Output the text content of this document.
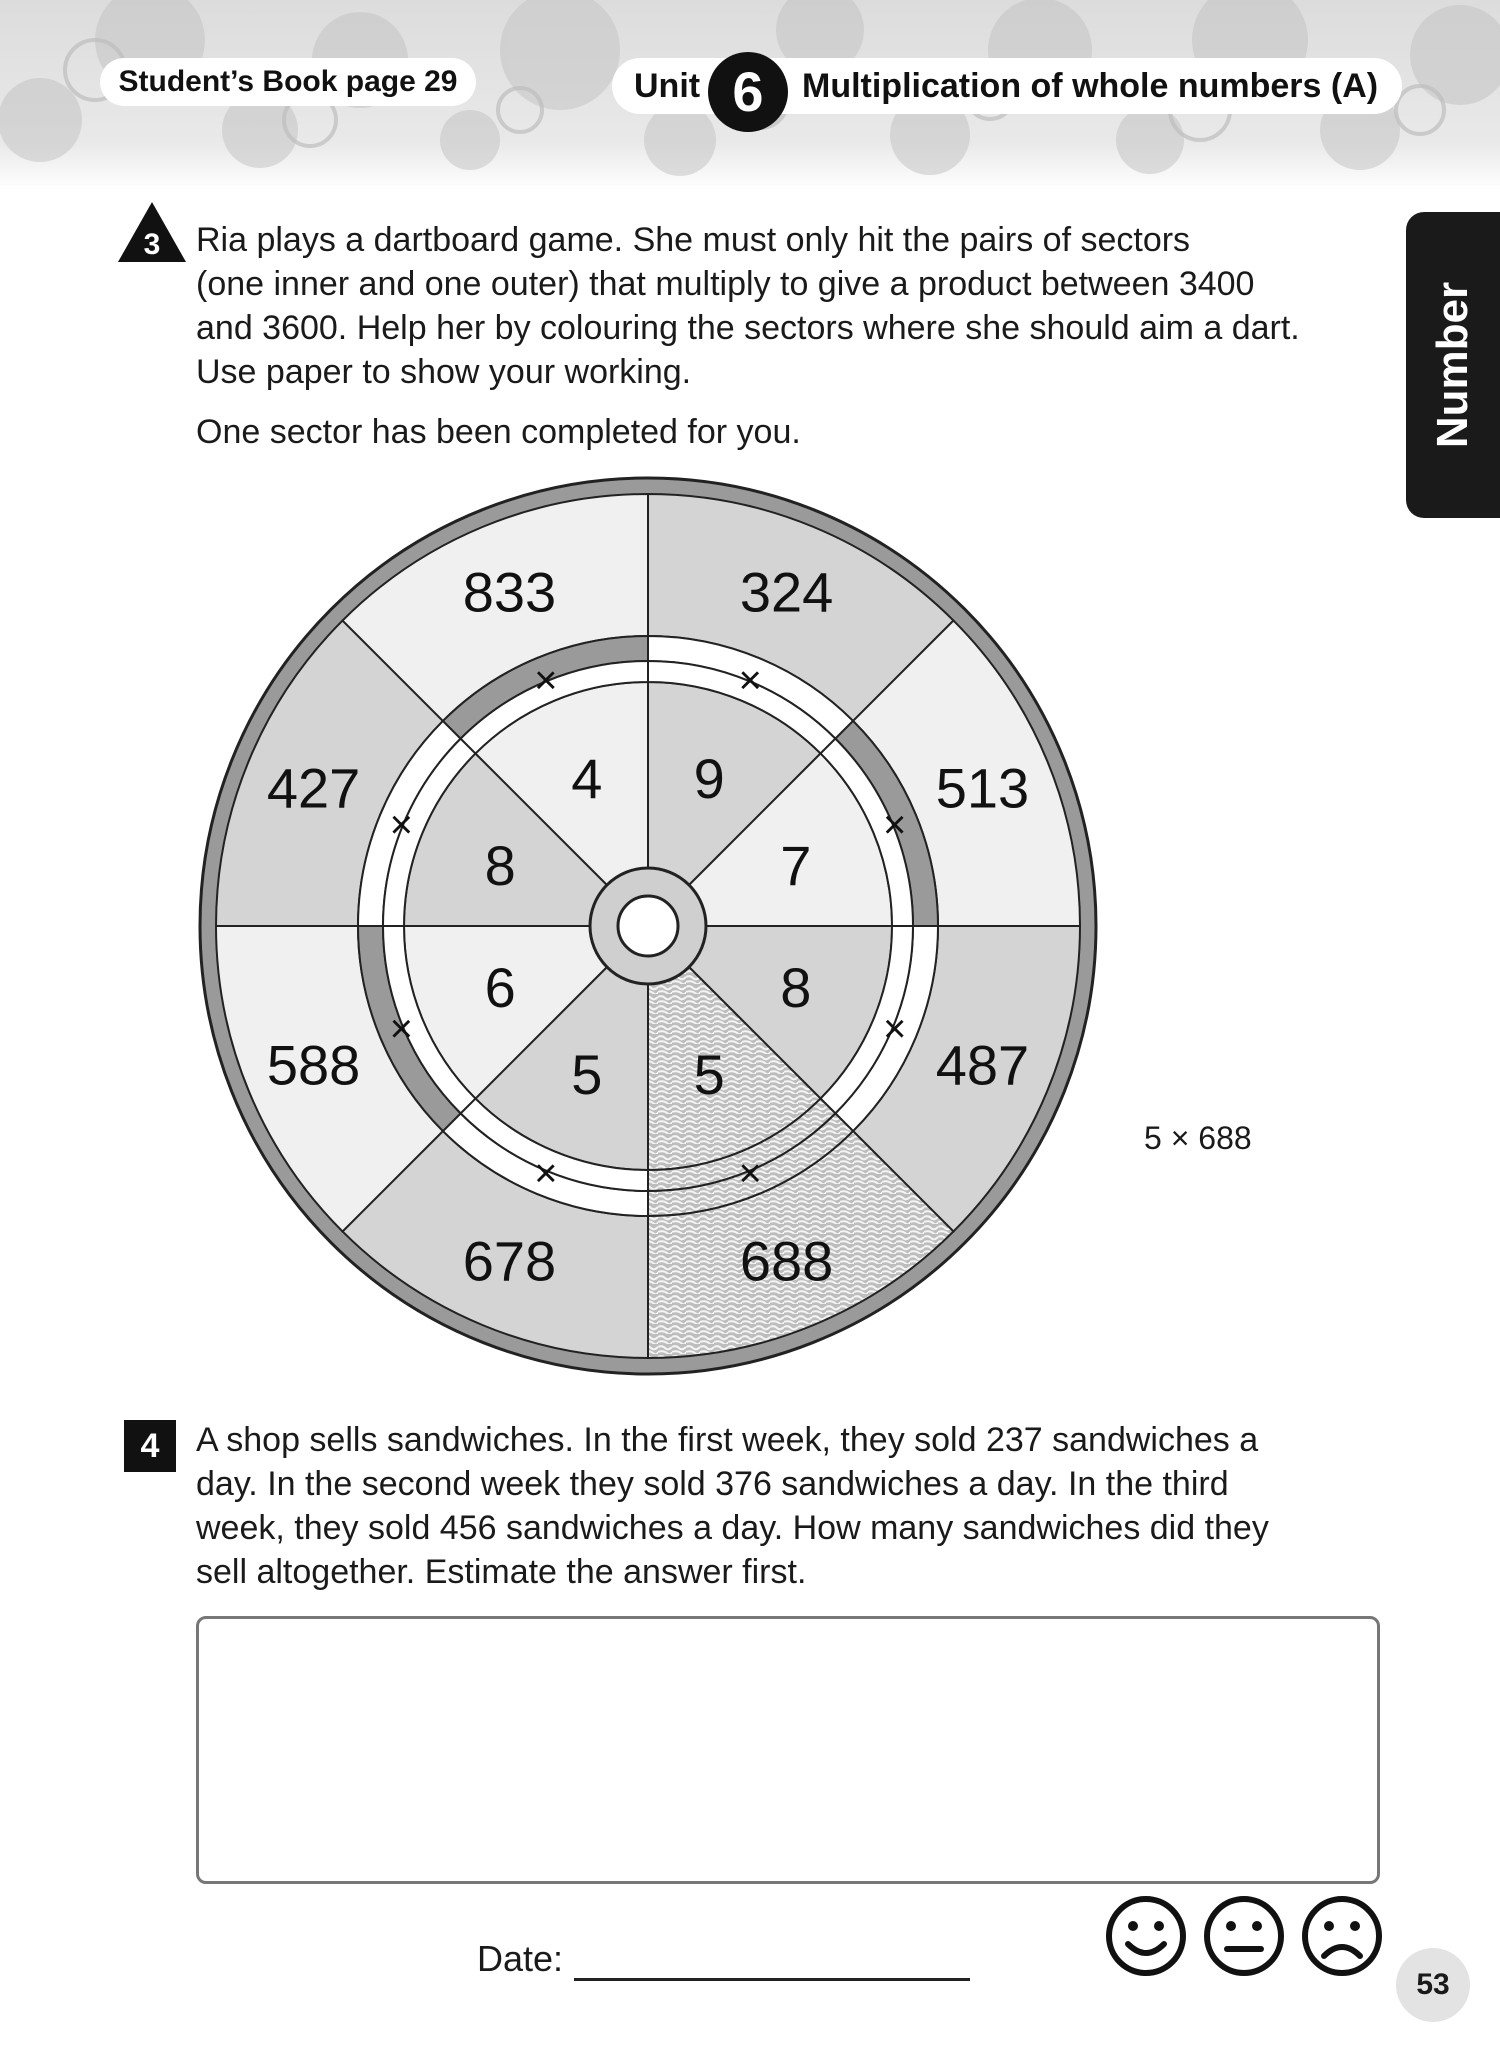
Student’s Book page 29	Unit	Multiplication of whole numbers (A)
6
Number
3 Ria plays a dartboard game. She must only hit the pairs of sectors
(one inner and one outer) that multiply to give a product between 3400
and 3600. Help her by colouring the sectors where she should aim a dart.
Use paper to show your working.
One sector has been completed for you.
324
9
×
513
7
×
487
8
×
688
5
×
678
5
×
588
6
×
427
8
×
833
4
×
5 × 688
4	A shop sells sandwiches. In the first week, they sold 237 sandwiches a
day. In the second week they sold 376 sandwiches a day. In the third
week, they sold 456 sandwiches a day. How many sandwiches did they
sell altogether. Estimate the answer first.
Date:
53
